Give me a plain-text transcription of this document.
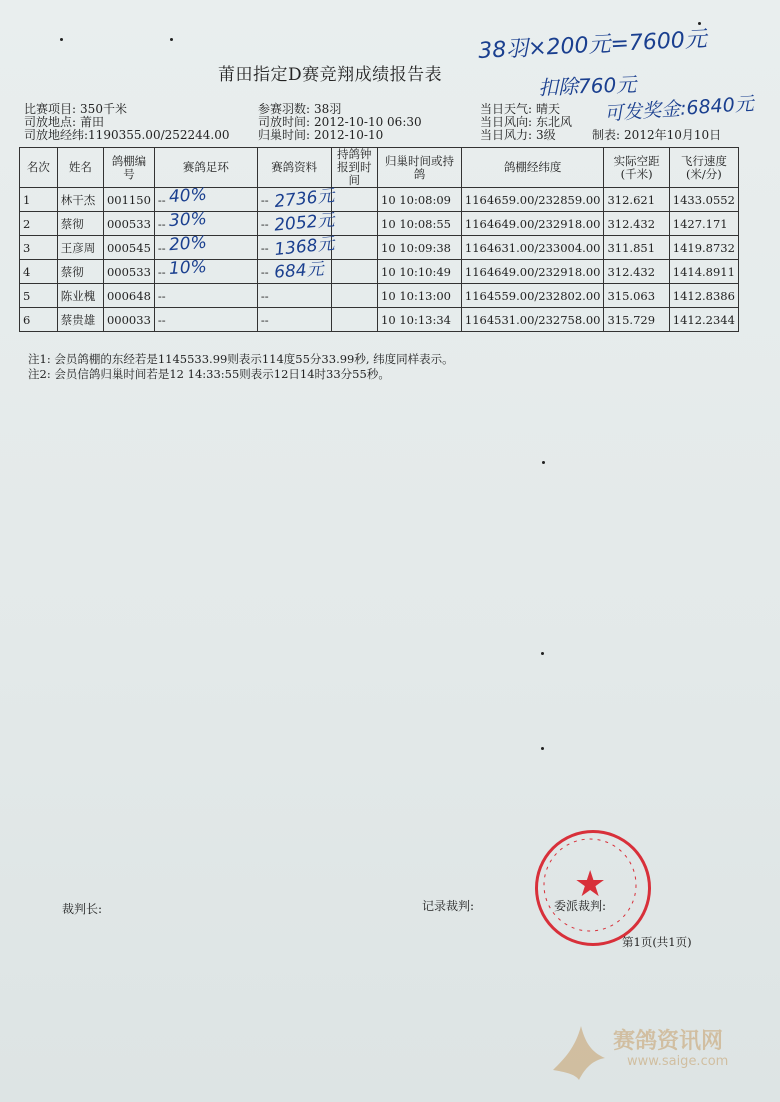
莆田指定D赛竞翔成绩报告表
38羽×200元=7600元
扣除760元
可发奖金:6840元
比赛项目: 350千米
司放地点: 莆田
司放地经纬:1190355.00/252244.00
参赛羽数: 38羽
司放时间: 2012-10-10 06:30
归巢时间: 2012-10-10
当日天气: 晴天
当日风向: 东北风
当日风力: 3级	制表: 2012年10月10日
名次	姓名	鸽棚编号	赛鸽足环	赛鸽资料	持鸽钟报到时间	归巢时间或持鸽	鸽棚经纬度	实际空距(千米)	飞行速度(米/分)
1	林干杰	001150	-- 40%	-- 2736元		10 10:08:09	1164659.00/232859.00	312.621	1433.0552
2	蔡彻	000533	-- 30%	-- 2052元		10 10:08:55	1164649.00/232918.00	312.432	1427.171
3	王彦周	000545	-- 20%	-- 1368元		10 10:09:38	1164631.00/233004.00	311.851	1419.8732
4	蔡彻	000533	-- 10%	-- 684元		10 10:10:49	1164649.00/232918.00	312.432	1414.8911
5	陈业槐	000648	--	--		10 10:13:00	1164559.00/232802.00	315.063	1412.8386
6	蔡贵雄	000033	--	--		10 10:13:34	1164531.00/232758.00	315.729	1412.2344
注1: 会员鸽棚的东经若是1145533.99则表示114度55分33.99秒, 纬度同样表示。
注2: 会员信鸽归巢时间若是12 14:33:55则表示12日14时33分55秒。
裁判长:	记录裁判:	委派裁判:
★
第1页(共1页)
赛鸽资讯网
www.saige.com
